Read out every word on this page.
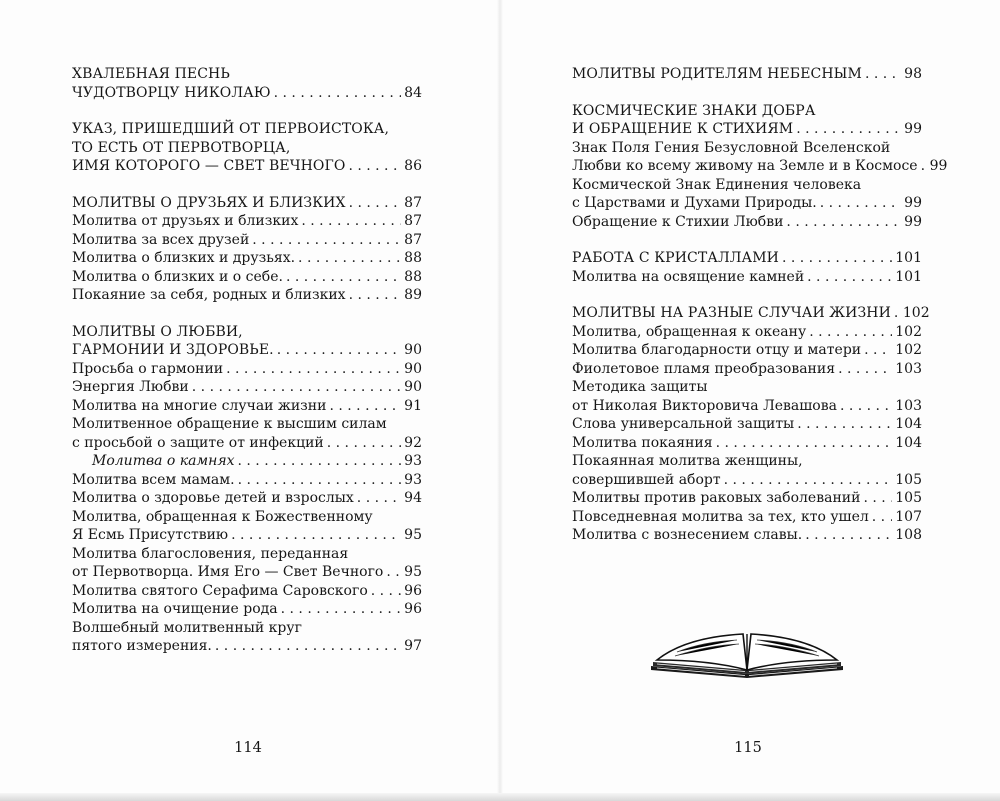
ХВАЛЕБНАЯ ПЕСНЬ
ЧУДОТВОРЦУ НИКОЛАЮ . . .	84
УКАЗ, ПРИШЕДШИЙ ОТ ПЕРВОИСТОКА,
ТО ЕСТЬ ОТ ПЕРВОТВОРЦА,
ИМЯ КОТОРОГО — СВЕТ ВЕЧНОГО . . .	86
МОЛИТВЫ О ДРУЗЬЯХ И БЛИЗКИХ . . .	87
Молитва от друзьях и близких . . .	87
Молитва за всех друзей . . .	87
Молитва о близких и друзьях. . . .	88
Молитва о близких и о себе. . . .	88
Покаяние за себя, родных и близких . . .	89
МОЛИТВЫ О ЛЮБВИ,
ГАРМОНИИ И ЗДОРОВЬЕ. . . .	90
Просьба о гармонии . . .	90
Энергия Любви . . .	90
Молитва на многие случаи жизни . . .	91
Молитвенное обращение к высшим силам
с просьбой о защите от инфекций . . .	92
Молитва о камнях . . .	93
Молитва всем мамам. . . .	93
Молитва о здоровье детей и взрослых . . .	94
Молитва, обращенная к Божественному
Я Есмь Присутствию . . .	95
Молитва благословения, переданная
от Первотворца. Имя Его — Свет Вечного . . . 95
Молитва святого Серафима Саровского . . .	96
Молитва на очищение рода . . .	96
Волшебный молитвенный круг
пятого измерения. . . .	97
МОЛИТВЫ РОДИТЕЛЯМ НЕБЕСНЫМ . . .	98
КОСМИЧЕСКИЕ ЗНАКИ ДОБРА
И ОБРАЩЕНИЕ К СТИХИЯМ . . .	99
Знак Поля Гения Безусловной Вселенской
Любви ко всему живому на Земле и в Космосе . . . 99
Космической Знак Единения человека
с Царствами и Духами Природы. . . .	99
Обращение к Стихии Любви . . .	99
РАБОТА С КРИСТАЛЛАМИ . . .	101
Молитва на освящение камней . . .	101
МОЛИТВЫ НА РАЗНЫЕ СЛУЧАИ ЖИЗНИ . . . 102
Молитва, обращенная к океану . . .	102
Молитва благодарности отцу и матери . . . 102
Фиолетовое пламя преобразования . . .	103
Методика защиты
от Николая Викторовича Левашова . . .	103
Слова универсальной защиты . . .	104
Молитва покаяния . . .	104
Покаянная молитва женщины,
совершившей аборт . . .	105
Молитвы против раковых заболеваний . . . 105
Повседневная молитва за тех, кто ушел . . . 107
Молитва с вознесением славы. . . .	108
114	115
